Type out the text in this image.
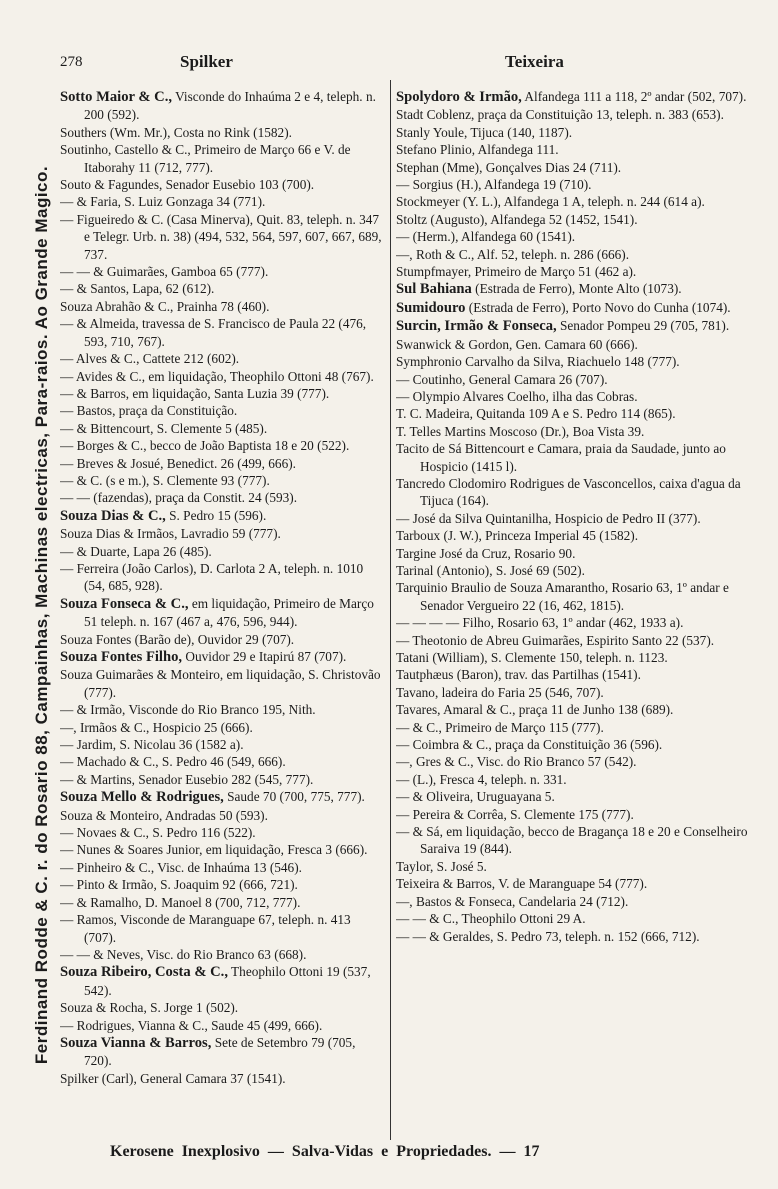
278	Spilker	Teixeira
Ferdinand Rodde & C. r. do Rosario 88, Campainhas, Machinas electricas, Para-raios. Ao Grande Magico.

Sotto Maior & C., Visconde do Inhaúma 2 e 4, teleph. n. 200 (592).

Southers (Wm. Mr.), Costa no Rink (1582).

Soutinho, Castello & C., Primeiro de Março 66 e V. de Itaborahy 11 (712, 777).

Souto & Fagundes, Senador Eusebio 103 (700).

— & Faria, S. Luiz Gonzaga 34 (771).

— Figueiredo & C. (Casa Minerva), Quit. 83, teleph. n. 347 e Telegr. Urb. n. 38) (494, 532, 564, 597, 607, 667, 689, 737.

— — & Guimarães, Gamboa 65 (777).

— & Santos, Lapa, 62 (612).

Souza Abrahão & C., Prainha 78 (460).

— & Almeida, travessa de S. Francisco de Paula 22 (476, 593, 710, 767).

— Alves & C., Cattete 212 (602).

— Avides & C., em liquidação, Theophilo Ottoni 48 (767).

— & Barros, em liquidação, Santa Luzia 39 (777).

— Bastos, praça da Constituição.

— & Bittencourt, S. Clemente 5 (485).

— Borges & C., becco de João Baptista 18 e 20 (522).

— Breves & Josué, Benedict. 26 (499, 666).

— & C. (s e m.), S. Clemente 93 (777).

— — (fazendas), praça da Constit. 24 (593).

Souza Dias & C., S. Pedro 15 (596).

Souza Dias & Irmãos, Lavradio 59 (777).

— & Duarte, Lapa 26 (485).

— Ferreira (João Carlos), D. Carlota 2 A, teleph. n. 1010 (54, 685, 928).

Souza Fonseca & C., em liquidação, Primeiro de Março 51 teleph. n. 167 (467 a, 476, 596, 944).

Souza Fontes (Barão de), Ouvidor 29 (707).

Souza Fontes Filho, Ouvidor 29 e Itapirú 87 (707).

Souza Guimarães & Monteiro, em liquidação, S. Christovão (777).

— & Irmão, Visconde do Rio Branco 195, Nith.

—, Irmãos & C., Hospicio 25 (666).

— Jardim, S. Nicolau 36 (1582 a).

— Machado & C., S. Pedro 46 (549, 666).

— & Martins, Senador Eusebio 282 (545, 777).

Souza Mello & Rodrigues, Saude 70 (700, 775, 777).

Souza & Monteiro, Andradas 50 (593).

— Novaes & C., S. Pedro 116 (522).

— Nunes & Soares Junior, em liquidação, Fresca 3 (666).

— Pinheiro & C., Visc. de Inhaúma 13 (546).

— Pinto & Irmão, S. Joaquim 92 (666, 721).

— & Ramalho, D. Manoel 8 (700, 712, 777).

— Ramos, Visconde de Maranguape 67, teleph. n. 413 (707).

— — & Neves, Visc. do Rio Branco 63 (668).

Souza Ribeiro, Costa & C., Theophilo Ottoni 19 (537, 542).

Souza & Rocha, S. Jorge 1 (502).

— Rodrigues, Vianna & C., Saude 45 (499, 666).

Souza Vianna & Barros, Sete de Setembro 79 (705, 720).

Spilker (Carl), General Camara 37 (1541).

Spolydoro & Irmão, Alfandega 111 a 118, 2º andar (502, 707).

Stadt Coblenz, praça da Constituição 13, teleph. n. 383 (653).

Stanly Youle, Tijuca (140, 1187).

Stefano Plinio, Alfandega 111.

Stephan (Mme), Gonçalves Dias 24 (711).

— Sorgius (H.), Alfandega 19 (710).

Stockmeyer (Y. L.), Alfandega 1 A, teleph. n. 244 (614 a).

Stoltz (Augusto), Alfandega 52 (1452, 1541).

— (Herm.), Alfandega 60 (1541).

—, Roth & C., Alf. 52, teleph. n. 286 (666).

Stumpfmayer, Primeiro de Março 51 (462 a).

Sul Bahiana (Estrada de Ferro), Monte Alto (1073).

Sumidouro (Estrada de Ferro), Porto Novo do Cunha (1074).

Surcin, Irmão & Fonseca, Senador Pompeu 29 (705, 781).

Swanwick & Gordon, Gen. Camara 60 (666).

Symphronio Carvalho da Silva, Riachuelo 148 (777).

— Coutinho, General Camara 26 (707).

— Olympio Alvares Coelho, ilha das Cobras.

T. C. Madeira, Quitanda 109 A e S. Pedro 114 (865).

T. Telles Martins Moscoso (Dr.), Boa Vista 39.

Tacito de Sá Bittencourt e Camara, praia da Saudade, junto ao Hospicio (1415 l).

Tancredo Clodomiro Rodrigues de Vasconcellos, caixa d'agua da Tijuca (164).

— José da Silva Quintanilha, Hospicio de Pedro II (377).

Tarboux (J. W.), Princeza Imperial 45 (1582).

Targine José da Cruz, Rosario 90.

Tarinal (Antonio), S. José 69 (502).

Tarquinio Braulio de Souza Amarantho, Rosario 63, 1º andar e Senador Vergueiro 22 (16, 462, 1815).

— — — — Filho, Rosario 63, 1º andar (462, 1933 a).

— Theotonio de Abreu Guimarães, Espirito Santo 22 (537).

Tatani (William), S. Clemente 150, teleph. n. 1123.

Tautphæus (Baron), trav. das Partilhas (1541).

Tavano, ladeira do Faria 25 (546, 707).

Tavares, Amaral & C., praça 11 de Junho 138 (689).

— & C., Primeiro de Março 115 (777).

— Coimbra & C., praça da Constituição 36 (596).

—, Gres & C., Visc. do Rio Branco 57 (542).

— (L.), Fresca 4, teleph. n. 331.

— & Oliveira, Uruguayana 5.

— Pereira & Corrêa, S. Clemente 175 (777).

— & Sá, em liquidação, becco de Bragança 18 e 20 e Conselheiro Saraiva 19 (844).

Taylor, S. José 5.

Teixeira & Barros, V. de Maranguape 54 (777).

—, Bastos & Fonseca, Candelaria 24 (712).

— — & C., Theophilo Ottoni 29 A.

— — & Geraldes, S. Pedro 73, teleph. n. 152 (666, 712).

Kerosene Inexplosivo — Salva-Vidas e Propriedades. — 17
